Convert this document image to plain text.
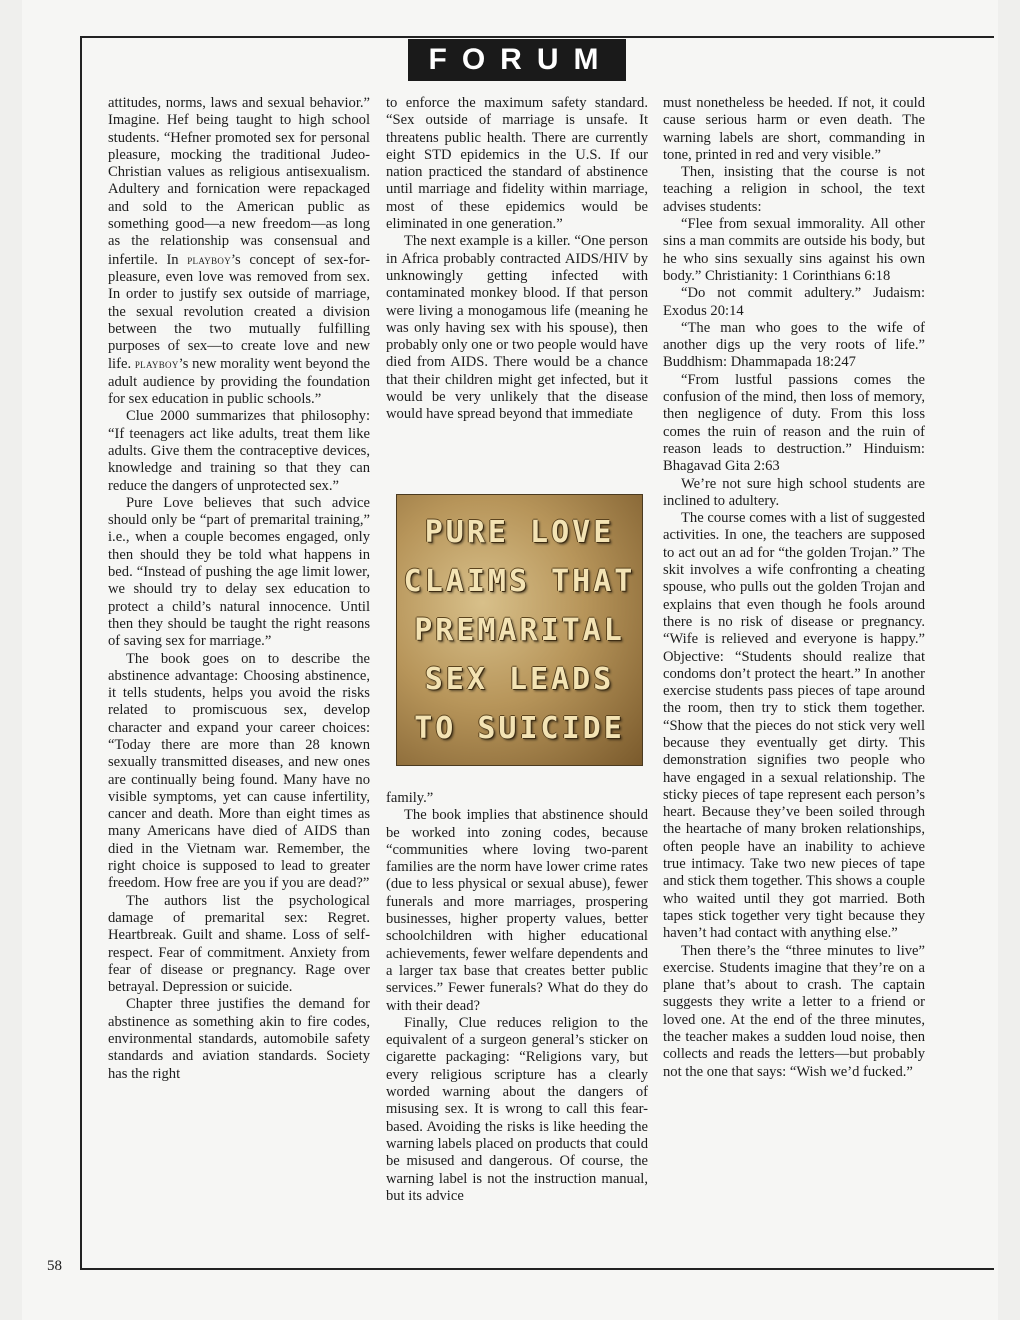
FORUM

attitudes, norms, laws and sexual behavior.” Imagine. Hef being taught to high school students. “Hefner promoted sex for personal pleasure, mocking the traditional Judeo-Christian values as religious antisexualism. Adultery and fornication were repackaged and sold to the American public as something good—a new freedom—as long as the relationship was consensual and infertile. In playboy’s concept of sex-for-pleasure, even love was removed from sex. In order to justify sex outside of marriage, the sexual revolution created a division between the two mutually fulfilling purposes of sex—to create love and new life. playboy’s new morality went beyond the adult audience by providing the foundation for sex education in public schools.”

Clue 2000 summarizes that philosophy: “If teenagers act like adults, treat them like adults. Give them the contraceptive devices, knowledge and training so that they can reduce the dangers of unprotected sex.”

Pure Love believes that such advice should only be “part of premarital training,” i.e., when a couple becomes engaged, only then should they be told what happens in bed. “Instead of pushing the age limit lower, we should try to delay sex education to protect a child’s natural innocence. Until then they should be taught the right reasons of saving sex for marriage.”

The book goes on to describe the abstinence advantage: Choosing abstinence, it tells students, helps you avoid the risks related to promiscuous sex, develop character and expand your career choices: “Today there are more than 28 known sexually transmitted diseases, and new ones are continually being found. Many have no visible symptoms, yet can cause infertility, cancer and death. More than eight times as many Americans have died of AIDS than died in the Vietnam war. Remember, the right choice is supposed to lead to greater freedom. How free are you if you are dead?”

The authors list the psychological damage of premarital sex: Regret. Heartbreak. Guilt and shame. Loss of self-respect. Fear of commitment. Anxiety from fear of disease or pregnancy. Rage over betrayal. Depression or suicide.

Chapter three justifies the demand for abstinence as something akin to fire codes, environmental standards, automobile safety standards and aviation standards. Society has the right

to enforce the maximum safety standard. “Sex outside of marriage is unsafe. It threatens public health. There are currently eight STD epidemics in the U.S. If our nation practiced the standard of abstinence until marriage and fidelity within marriage, most of these epidemics would be eliminated in one generation.”

The next example is a killer. “One person in Africa probably contracted AIDS/HIV by unknowingly getting infected with contaminated monkey blood. If that person were living a monogamous life (meaning he was only having sex with his spouse), then probably only one or two people would have died from AIDS. There would be a chance that their children might get infected, but it would be very unlikely that the disease would have spread beyond that immediate

PURE LOVE
CLAIMS THAT
PREMARITAL
SEX LEADS
TO SUICIDE

family.”

The book implies that abstinence should be worked into zoning codes, because “communities where loving two-parent families are the norm have lower crime rates (due to less physical or sexual abuse), fewer funerals and more marriages, prospering businesses, higher property values, better schoolchildren with higher educational achievements, fewer welfare dependents and a larger tax base that creates better public services.” Fewer funerals? What do they do with their dead?

Finally, Clue reduces religion to the equivalent of a surgeon general’s sticker on cigarette packaging: “Religions vary, but every religious scripture has a clearly worded warning about the dangers of misusing sex. It is wrong to call this fear-based. Avoiding the risks is like heeding the warning labels placed on products that could be misused and dangerous. Of course, the warning label is not the instruction manual, but its advice

must nonetheless be heeded. If not, it could cause serious harm or even death. The warning labels are short, commanding in tone, printed in red and very visible.”

Then, insisting that the course is not teaching a religion in school, the text advises students:

“Flee from sexual immorality. All other sins a man commits are outside his body, but he who sins sexually sins against his own body.” Christianity: 1 Corinthians 6:18

“Do not commit adultery.” Judaism: Exodus 20:14

“The man who goes to the wife of another digs up the very roots of life.” Buddhism: Dhammapada 18:247

“From lustful passions comes the confusion of the mind, then loss of memory, then negligence of duty. From this loss comes the ruin of reason and the ruin of reason leads to destruction.” Hinduism: Bhagavad Gita 2:63

We’re not sure high school students are inclined to adultery.

The course comes with a list of suggested activities. In one, the teachers are supposed to act out an ad for “the golden Trojan.” The skit involves a wife confronting a cheating spouse, who pulls out the golden Trojan and explains that even though he fools around there is no risk of disease or pregnancy. “Wife is relieved and everyone is happy.” Objective: “Students should realize that condoms don’t protect the heart.” In another exercise students pass pieces of tape around the room, then try to stick them together. “Show that the pieces do not stick very well because they eventually get dirty. This demonstration signifies two people who have engaged in a sexual relationship. The sticky pieces of tape represent each person’s heart. Because they’ve been soiled through the heartache of many broken relationships, often people have an inability to achieve true intimacy. Take two new pieces of tape and stick them together. This shows a couple who waited until they got married. Both tapes stick together very tight because they haven’t had contact with anything else.”

Then there’s the “three minutes to live” exercise. Students imagine that they’re on a plane that’s about to crash. The captain suggests they write a letter to a friend or loved one. At the end of the three minutes, the teacher makes a sudden loud noise, then collects and reads the letters—but probably not the one that says: “Wish we’d fucked.”

58
